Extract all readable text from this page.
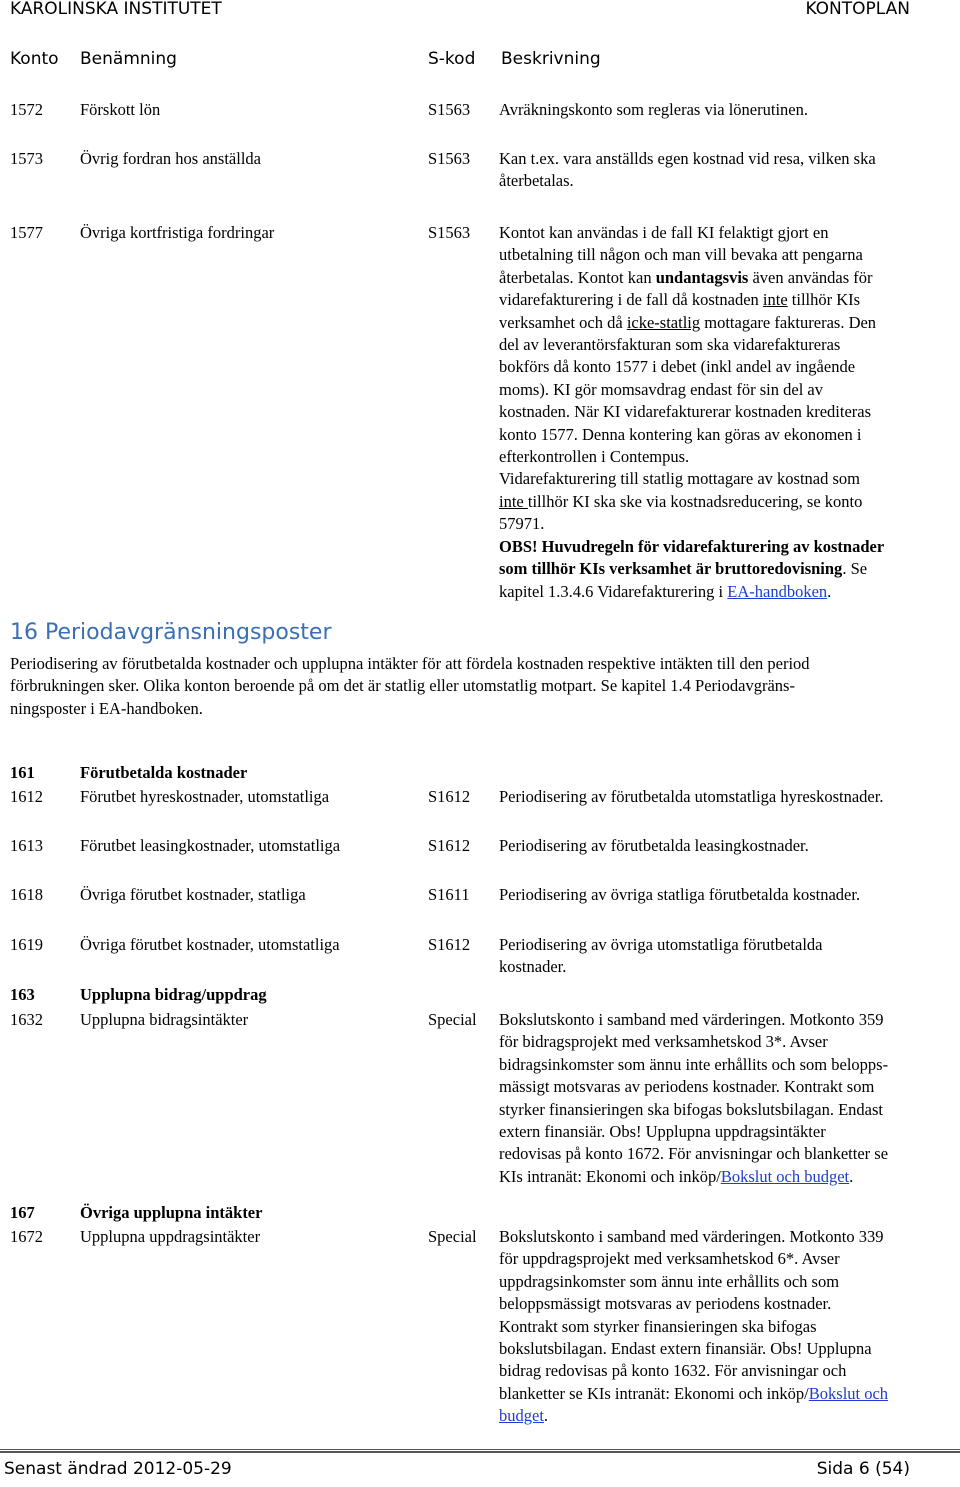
KAROLINSKA INSTITUTET	KONTOPLAN
Konto Benämning	S-kod Beskrivning
1572 Förskott lön	S1563 Avräkningskonto som regleras via lönerutinen.
1573 Övrig fordran hos anställda	S1563 Kan t.ex. vara anställds egen kostnad vid resa, vilken ska
återbetalas.
1577 Övriga kortfristiga fordringar	S1563 Kontot kan användas i de fall KI felaktigt gjort en
utbetalning till någon och man vill bevaka att pengarna
återbetalas. Kontot kan undantagsvis även användas för
vidarefakturering i de fall då kostnaden inte tillhör KIs
verksamhet och då icke-statlig mottagare faktureras. Den
del av leverantörsfakturan som ska vidarefaktureras
bokförs då konto 1577 i debet (inkl andel av ingående
moms). KI gör momsavdrag endast för sin del av
kostnaden. När KI vidarefakturerar kostnaden krediteras
konto 1577. Denna kontering kan göras av ekonomen i
efterkontrollen i Contempus.
Vidarefakturering till statlig mottagare av kostnad som
inte tillhör KI ska ske via kostnadsreducering, se konto
57971.
OBS! Huvudregeln för vidarefakturering av kostnader
som tillhör KIs verksamhet är bruttoredovisning. Se
kapitel 1.3.4.6 Vidarefakturering i EA-handboken.
16 Periodavgränsningsposter
Periodisering av förutbetalda kostnader och upplupna intäkter för att fördela kostnaden respektive intäkten till den period
förbrukningen sker. Olika konton beroende på om det är statlig eller utomstatlig motpart. Se kapitel 1.4 Periodavgräns-
ningsposter i EA-handboken.
161	Förutbetalda kostnader
1612 Förutbet hyreskostnader, utomstatliga	S1612 Periodisering av förutbetalda utomstatliga hyreskostnader.
1613 Förutbet leasingkostnader, utomstatliga	S1612 Periodisering av förutbetalda leasingkostnader.
1618 Övriga förutbet kostnader, statliga	S1611 Periodisering av övriga statliga förutbetalda kostnader.
1619 Övriga förutbet kostnader, utomstatliga	S1612 Periodisering av övriga utomstatliga förutbetalda
kostnader.
163	Upplupna bidrag/uppdrag
1632 Upplupna bidragsintäkter	Special Bokslutskonto i samband med värderingen. Motkonto 359
för bidragsprojekt med verksamhetskod 3*. Avser
bidragsinkomster som ännu inte erhållits och som belopps-
mässigt motsvaras av periodens kostnader. Kontrakt som
styrker finansieringen ska bifogas bokslutsbilagan. Endast
extern finansiär. Obs! Upplupna uppdragsintäkter
redovisas på konto 1672. För anvisningar och blanketter se
KIs intranät: Ekonomi och inköp/Bokslut och budget.
167	Övriga upplupna intäkter
1672 Upplupna uppdragsintäkter	Special Bokslutskonto i samband med värderingen. Motkonto 339
för uppdragsprojekt med verksamhetskod 6*. Avser
uppdragsinkomster som ännu inte erhållits och som
beloppsmässigt motsvaras av periodens kostnader.
Kontrakt som styrker finansieringen ska bifogas
bokslutsbilagan. Endast extern finansiär. Obs! Upplupna
bidrag redovisas på konto 1632. För anvisningar och
blanketter se KIs intranät: Ekonomi och inköp/Bokslut och
budget.
Senast ändrad 2012-05-29	Sida 6 (54)
